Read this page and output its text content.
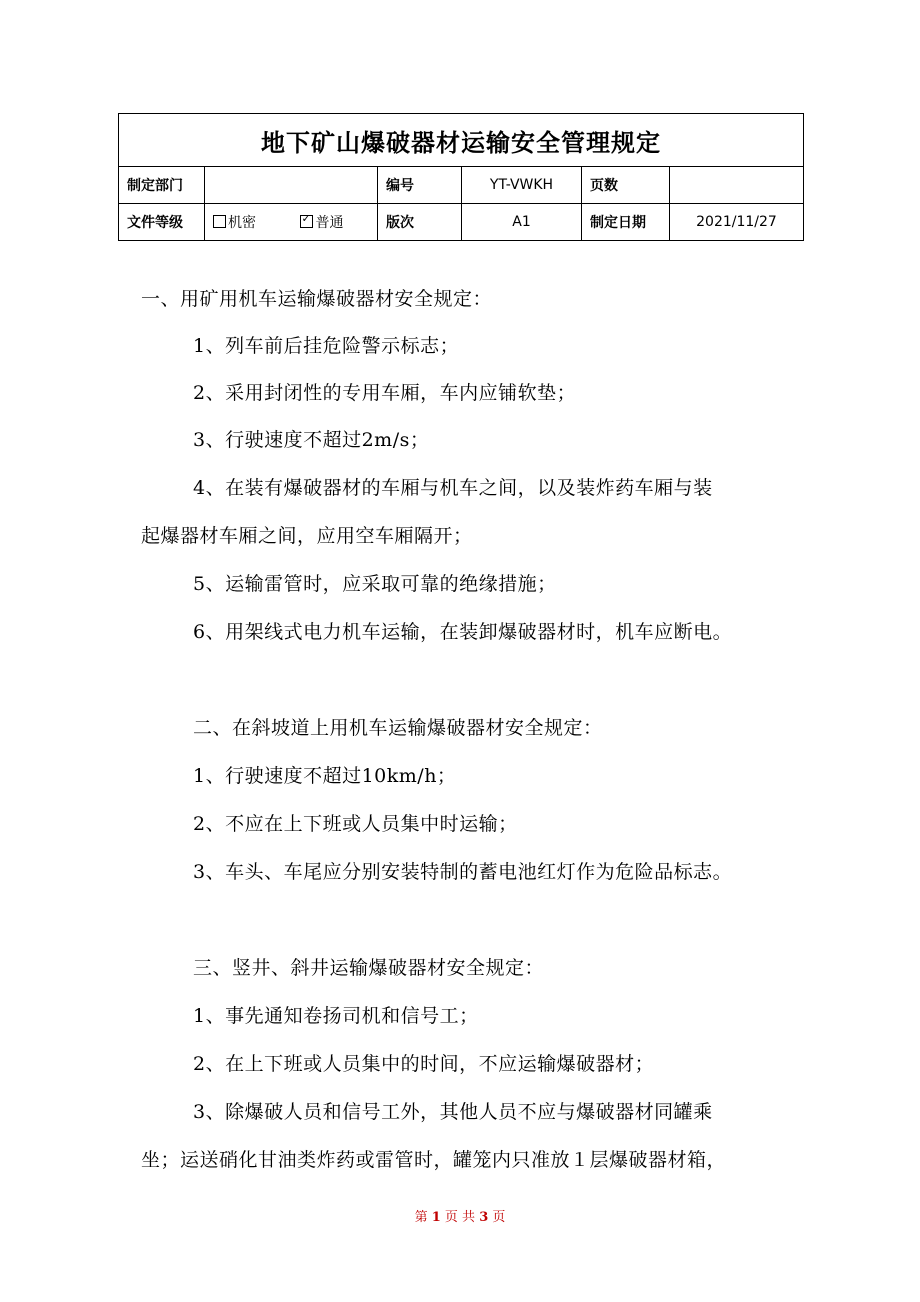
地下矿山爆破器材运输安全管理规定					
制定部门		编号	YT-VWKH	页数	
文件等级	机密 ✓ 普通	版次	A1	制定日期	2021/11/27
一、用矿用机车运输爆破器材安全规定：
1、列车前后挂危险警示标志；
2、采用封闭性的专用车厢，车内应铺软垫；
3、行驶速度不超过2m/s；
4、在装有爆破器材的车厢与机车之间，以及装炸药车厢与装
起爆器材车厢之间，应用空车厢隔开；
5、运输雷管时，应采取可靠的绝缘措施；
6、用架线式电力机车运输，在装卸爆破器材时，机车应断电。
二、在斜坡道上用机车运输爆破器材安全规定：
1、行驶速度不超过10km/h；
2、不应在上下班或人员集中时运输；
3、车头、车尾应分别安装特制的蓄电池红灯作为危险品标志。
三、竖井、斜井运输爆破器材安全规定：
1、事先通知卷扬司机和信号工；
2、在上下班或人员集中的时间，不应运输爆破器材；
3、除爆破人员和信号工外，其他人员不应与爆破器材同罐乘
坐；运送硝化甘油类炸药或雷管时，罐笼内只准放１层爆破器材箱，
第 1 页 共 3 页
